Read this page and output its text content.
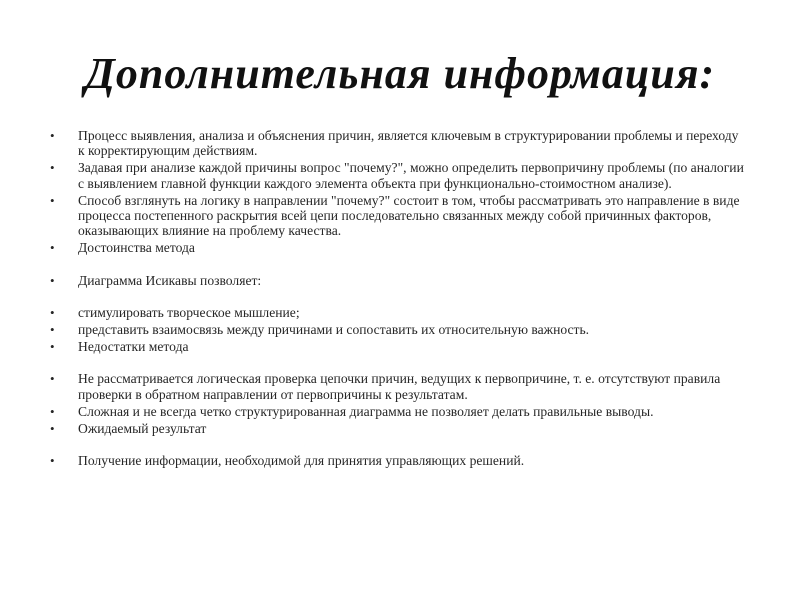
Дополнительная информация:
• Процесс выявления, анализа и объяснения причин, является ключевым в структурировании проблемы и переходу к корректирующим действиям.
• Задавая при анализе каждой причины вопрос "почему?", можно определить первопричину проблемы (по аналогии с выявлением главной функции каждого элемента объекта при функционально-стоимостном анализе).
• Способ взглянуть на логику в направлении "почему?" состоит в том, чтобы рассматривать это направление в виде процесса постепенного раскрытия всей цепи последовательно связанных между собой причинных факторов, оказывающих влияние на проблему качества.
• Достоинства метода
• Диаграмма Исикавы позволяет:
• стимулировать творческое мышление;
• представить взаимосвязь между причинами и сопоставить их относительную важность.
• Недостатки метода
• Не рассматривается логическая проверка цепочки причин, ведущих к первопричине, т. е. отсутствуют правила проверки в обратном направлении от первопричины к результатам.
• Сложная и не всегда четко структурированная диаграмма не позволяет делать правильные выводы.
• Ожидаемый результат
• Получение информации, необходимой для принятия управляющих решений.
